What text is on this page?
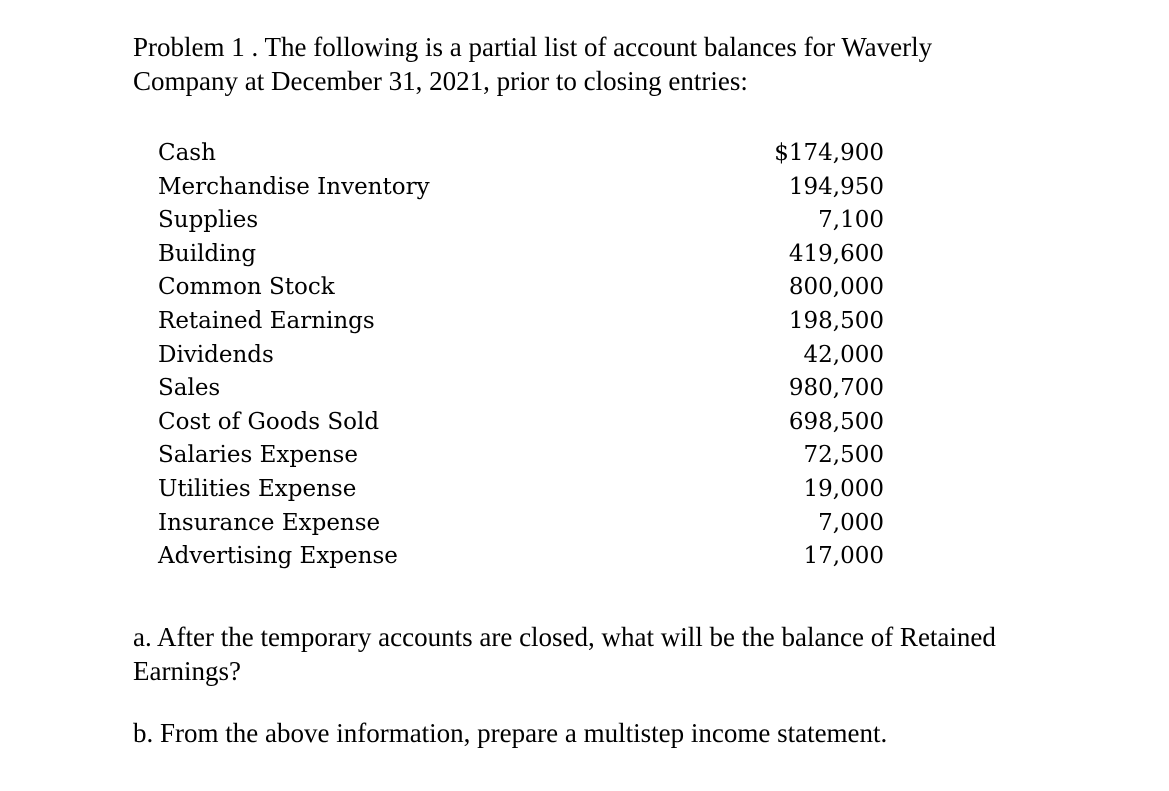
Problem 1 . The following is a partial list of account balances for Waverly

Company at December 31, 2021, prior to closing entries:

Cash	$174,900
Merchandise Inventory	194,950
Supplies	7,100
Building	419,600
Common Stock	800,000
Retained Earnings	198,500
Dividends	42,000
Sales	980,700
Cost of Goods Sold	698,500
Salaries Expense	72,500
Utilities Expense	19,000
Insurance Expense	7,000
Advertising Expense	17,000

a. After the temporary accounts are closed, what will be the balance of Retained Earnings?

b. From the above information, prepare a multistep income statement.
